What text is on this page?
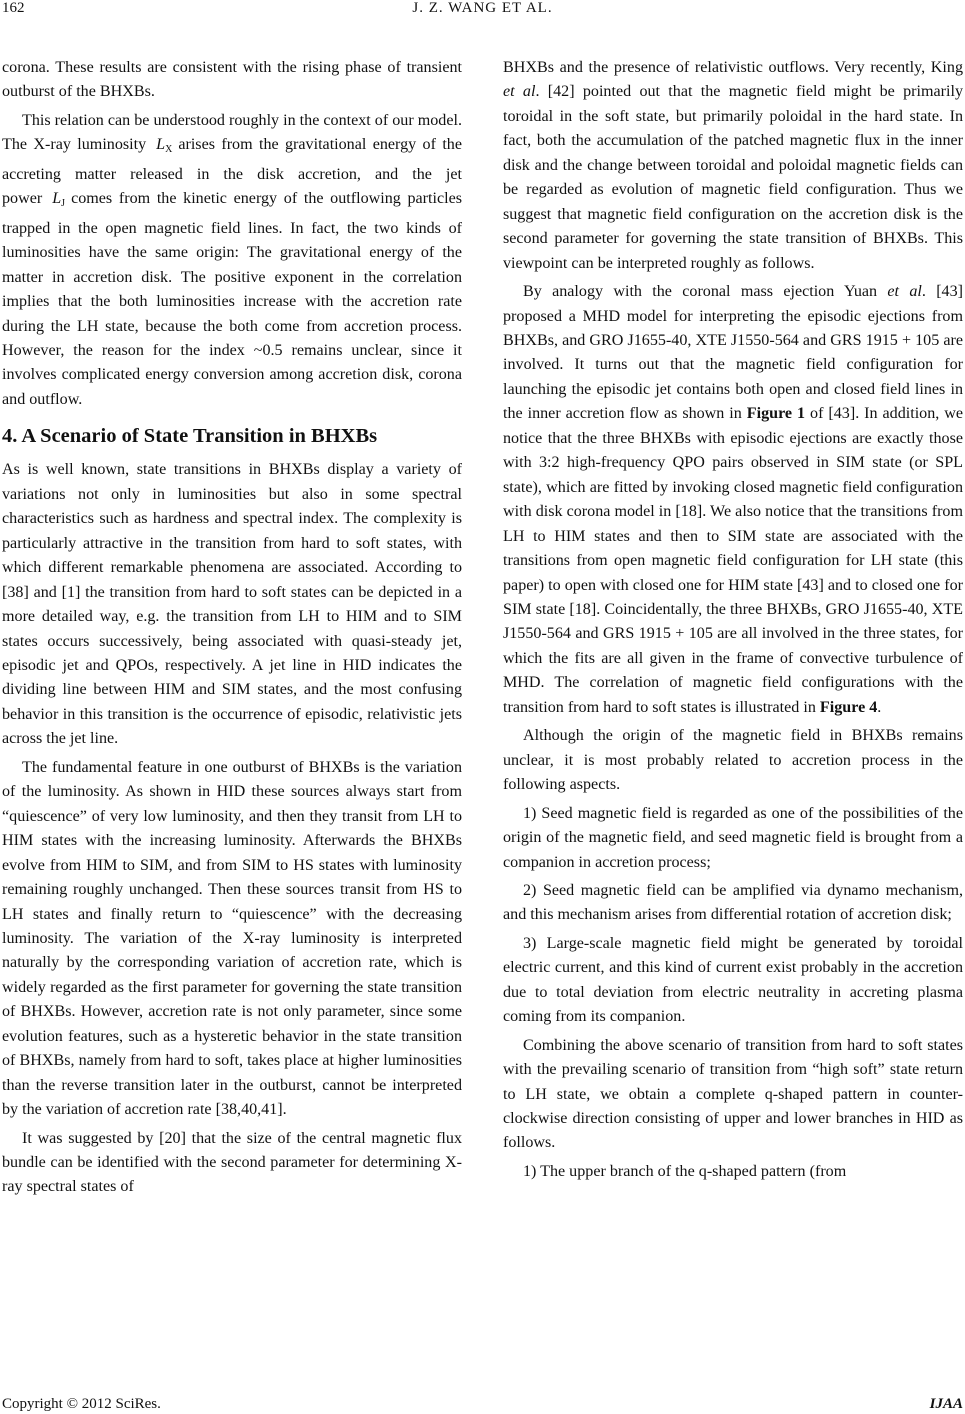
162	J. Z. WANG ET AL.

corona. These results are consistent with the rising phase of transient outburst of the BHXBs.

This relation can be understood roughly in the context of our model. The X-ray luminosity $L_X$ arises from the gravitational energy of the accreting matter released in the disk accretion, and the jet power $L_J$ comes from the kinetic energy of the outflowing particles trapped in the open magnetic field lines. In fact, the two kinds of luminosities have the same origin: The gravitational energy of the matter in accretion disk. The positive exponent in the correlation implies that the both luminosities increase with the accretion rate during the LH state, because the both come from accretion process. However, the reason for the index ~0.5 remains unclear, since it involves complicated energy conversion among accretion disk, corona and outflow.

4. A Scenario of State Transition in BHXBs

As is well known, state transitions in BHXBs display a variety of variations not only in luminosities but also in some spectral characteristics such as hardness and spectral index. The complexity is particularly attractive in the transition from hard to soft states, with which different remarkable phenomena are associated. According to [38] and [1] the transition from hard to soft states can be depicted in a more detailed way, e.g. the transition from LH to HIM and to SIM states occurs successively, being associated with quasi-steady jet, episodic jet and QPOs, respectively. A jet line in HID indicates the dividing line between HIM and SIM states, and the most confusing behavior in this transition is the occurrence of episodic, relativistic jets across the jet line.

The fundamental feature in one outburst of BHXBs is the variation of the luminosity. As shown in HID these sources always start from “quiescence” of very low luminosity, and then they transit from LH to HIM states with the increasing luminosity. Afterwards the BHXBs evolve from HIM to SIM, and from SIM to HS states with luminosity remaining roughly unchanged. Then these sources transit from HS to LH states and finally return to “quiescence” with the decreasing luminosity. The variation of the X-ray luminosity is interpreted naturally by the corresponding variation of accretion rate, which is widely regarded as the first parameter for governing the state transition of BHXBs. However, accretion rate is not only parameter, since some evolution features, such as a hysteretic behavior in the state transition of BHXBs, namely from hard to soft, takes place at higher luminosities than the reverse transition later in the outburst, cannot be interpreted by the variation of accretion rate [38,40,41].

It was suggested by [20] that the size of the central magnetic flux bundle can be identified with the second parameter for determining X-ray spectral states of

BHXBs and the presence of relativistic outflows. Very recently, King et al. [42] pointed out that the magnetic field might be primarily toroidal in the soft state, but primarily poloidal in the hard state. In fact, both the accumulation of the patched magnetic flux in the inner disk and the change between toroidal and poloidal magnetic fields can be regarded as evolution of magnetic field configuration. Thus we suggest that magnetic field configuration on the accretion disk is the second parameter for governing the state transition of BHXBs. This viewpoint can be interpreted roughly as follows.

By analogy with the coronal mass ejection Yuan et al. [43] proposed a MHD model for interpreting the episodic ejections from BHXBs, and GRO J1655-40, XTE J1550-564 and GRS 1915 + 105 are involved. It turns out that the magnetic field configuration for launching the episodic jet contains both open and closed field lines in the inner accretion flow as shown in Figure 1 of [43]. In addition, we notice that the three BHXBs with episodic ejections are exactly those with 3:2 high-frequency QPO pairs observed in SIM state (or SPL state), which are fitted by invoking closed magnetic field configuration with disk corona model in [18]. We also notice that the transitions from LH to HIM states and then to SIM state are associated with the transitions from open magnetic field configuration for LH state (this paper) to open with closed one for HIM state [43] and to closed one for SIM state [18]. Coincidentally, the three BHXBs, GRO J1655-40, XTE J1550-564 and GRS 1915 + 105 are all involved in the three states, for which the fits are all given in the frame of convective turbulence of MHD. The correlation of magnetic field configurations with the transition from hard to soft states is illustrated in Figure 4.

Although the origin of the magnetic field in BHXBs remains unclear, it is most probably related to accretion process in the following aspects.

1) Seed magnetic field is regarded as one of the possibilities of the origin of the magnetic field, and seed magnetic field is brought from a companion in accretion process;

2) Seed magnetic field can be amplified via dynamo mechanism, and this mechanism arises from differential rotation of accretion disk;

3) Large-scale magnetic field might be generated by toroidal electric current, and this kind of current exist probably in the accretion due to total deviation from electric neutrality in accreting plasma coming from its companion.

Combining the above scenario of transition from hard to soft states with the prevailing scenario of transition from “high soft” state return to LH state, we obtain a complete q-shaped pattern in counter-clockwise direction consisting of upper and lower branches in HID as follows.

1) The upper branch of the q-shaped pattern (from

Copyright © 2012 SciRes.	IJAA
